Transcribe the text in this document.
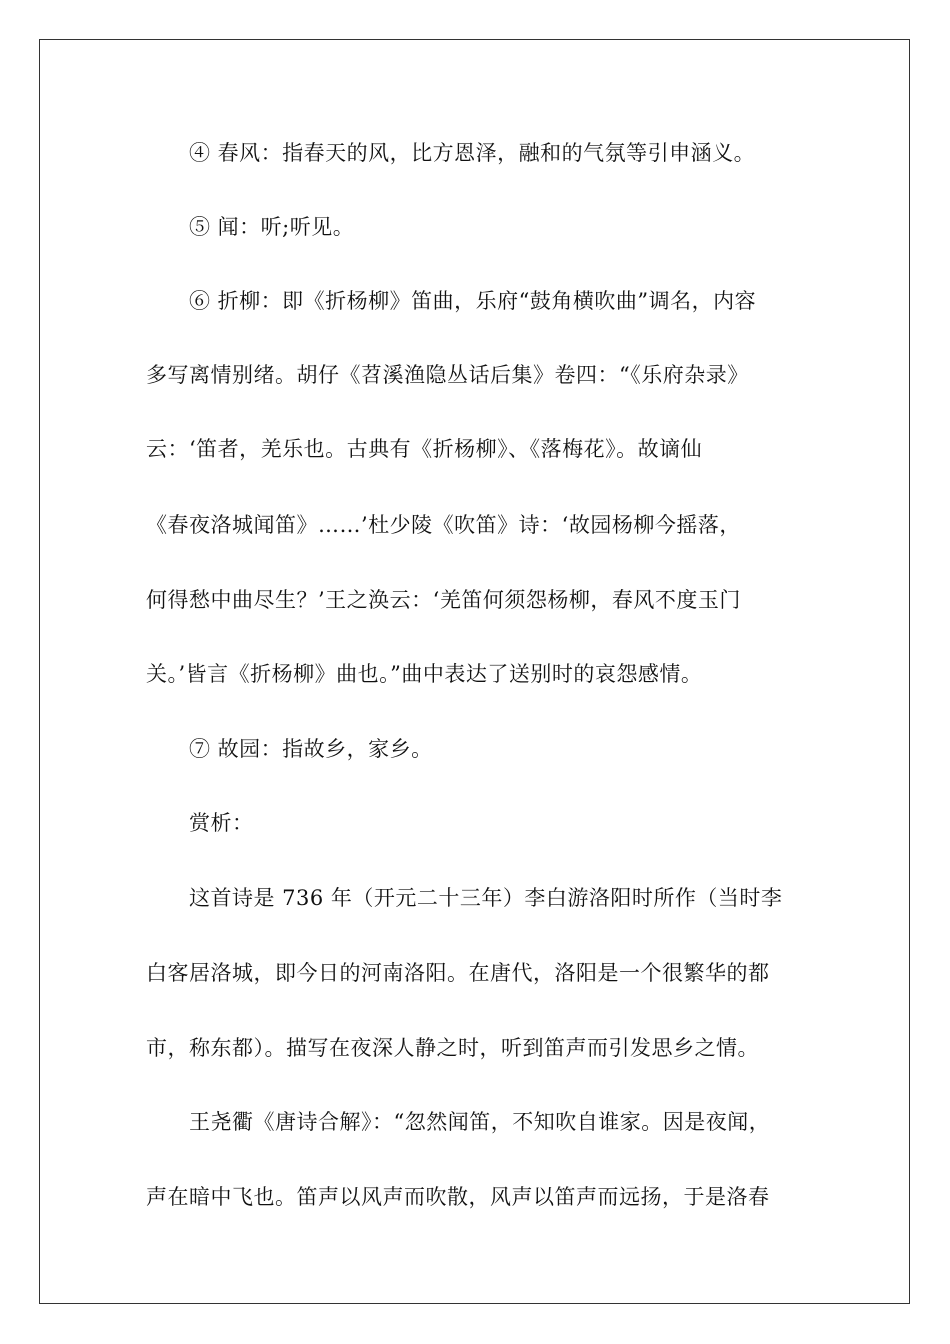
④ 春风：指春天的风，比方恩泽，融和的气氛等引申涵义。
⑤ 闻：听;听见。
⑥ 折柳：即《折杨柳》笛曲，乐府“鼓角横吹曲”调名，内容
多写离情别绪。胡仔《苕溪渔隐丛话后集》卷四：“《乐府杂录》
云：‘笛者，羌乐也。古典有《折杨柳》、《落梅花》。故谪仙
《春夜洛城闻笛》……’杜少陵《吹笛》诗：‘故园杨柳今摇落，
何得愁中曲尽生？’王之涣云：‘羌笛何须怨杨柳，春风不度玉门
关。’皆言《折杨柳》曲也。”曲中表达了送别时的哀怨感情。
⑦ 故园：指故乡，家乡。
赏析：
这首诗是 736 年（开元二十三年）李白游洛阳时所作（当时李
白客居洛城，即今日的河南洛阳。在唐代，洛阳是一个很繁华的都
市，称东都）。描写在夜深人静之时，听到笛声而引发思乡之情。
王尧衢《唐诗合解》：“忽然闻笛，不知吹自谁家。因是夜闻，
声在暗中飞也。笛声以风声而吹散，风声以笛声而远扬，于是洛春
